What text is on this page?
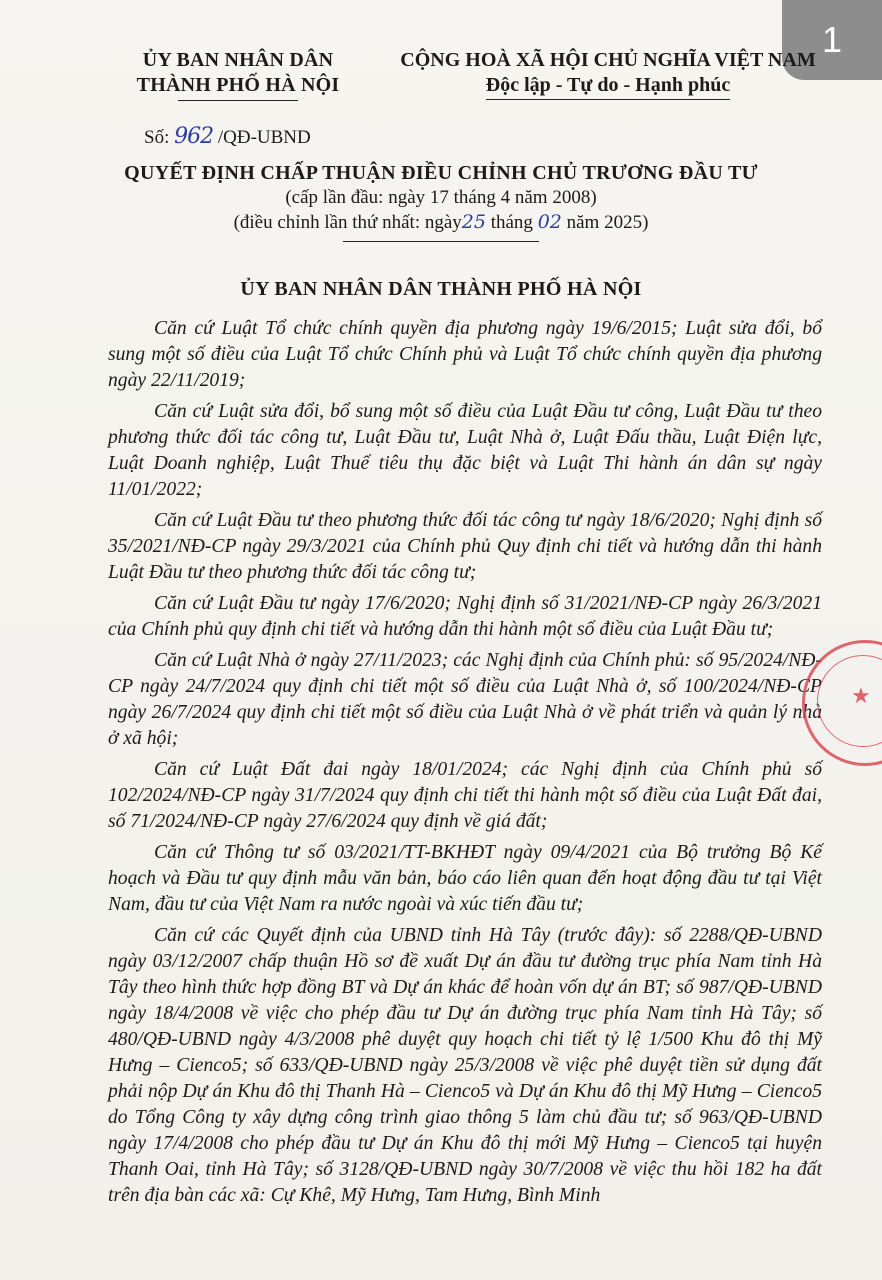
1
ỦY BAN NHÂN DÂN
THÀNH PHỐ HÀ NỘI
CỘNG HOÀ XÃ HỘI CHỦ NGHĨA VIỆT NAM
Độc lập - Tự do - Hạnh phúc
Số: 962 /QĐ-UBND
QUYẾT ĐỊNH CHẤP THUẬN ĐIỀU CHỈNH CHỦ TRƯƠNG ĐẦU TƯ
(cấp lần đầu: ngày 17 tháng 4 năm 2008)
(điều chỉnh lần thứ nhất: ngày25 tháng 02 năm 2025)
ỦY BAN NHÂN DÂN THÀNH PHỐ HÀ NỘI

Căn cứ Luật Tổ chức chính quyền địa phương ngày 19/6/2015; Luật sửa đổi, bổ sung một số điều của Luật Tổ chức Chính phủ và Luật Tổ chức chính quyền địa phương ngày 22/11/2019;

Căn cứ Luật sửa đổi, bổ sung một số điều của Luật Đầu tư công, Luật Đầu tư theo phương thức đối tác công tư, Luật Đầu tư, Luật Nhà ở, Luật Đấu thầu, Luật Điện lực, Luật Doanh nghiệp, Luật Thuế tiêu thụ đặc biệt và Luật Thi hành án dân sự ngày 11/01/2022;

Căn cứ Luật Đầu tư theo phương thức đối tác công tư ngày 18/6/2020; Nghị định số 35/2021/NĐ-CP ngày 29/3/2021 của Chính phủ Quy định chi tiết và hướng dẫn thi hành Luật Đầu tư theo phương thức đối tác công tư;

Căn cứ Luật Đầu tư ngày 17/6/2020; Nghị định số 31/2021/NĐ-CP ngày 26/3/2021 của Chính phủ quy định chi tiết và hướng dẫn thi hành một số điều của Luật Đầu tư;

Căn cứ Luật Nhà ở ngày 27/11/2023; các Nghị định của Chính phủ: số 95/2024/NĐ-CP ngày 24/7/2024 quy định chi tiết một số điều của Luật Nhà ở, số 100/2024/NĐ-CP ngày 26/7/2024 quy định chi tiết một số điều của Luật Nhà ở về phát triển và quản lý nhà ở xã hội;

Căn cứ Luật Đất đai ngày 18/01/2024; các Nghị định của Chính phủ số 102/2024/NĐ-CP ngày 31/7/2024 quy định chi tiết thi hành một số điều của Luật Đất đai, số 71/2024/NĐ-CP ngày 27/6/2024 quy định về giá đất;

Căn cứ Thông tư số 03/2021/TT-BKHĐT ngày 09/4/2021 của Bộ trưởng Bộ Kế hoạch và Đầu tư quy định mẫu văn bản, báo cáo liên quan đến hoạt động đầu tư tại Việt Nam, đầu tư của Việt Nam ra nước ngoài và xúc tiến đầu tư;

Căn cứ các Quyết định của UBND tỉnh Hà Tây (trước đây): số 2288/QĐ-UBND ngày 03/12/2007 chấp thuận Hồ sơ đề xuất Dự án đầu tư đường trục phía Nam tỉnh Hà Tây theo hình thức hợp đồng BT và Dự án khác để hoàn vốn dự án BT; số 987/QĐ-UBND ngày 18/4/2008 về việc cho phép đầu tư Dự án đường trục phía Nam tỉnh Hà Tây; số 480/QĐ-UBND ngày 4/3/2008 phê duyệt quy hoạch chi tiết tỷ lệ 1/500 Khu đô thị Mỹ Hưng – Cienco5; số 633/QĐ-UBND ngày 25/3/2008 về việc phê duyệt tiền sử dụng đất phải nộp Dự án Khu đô thị Thanh Hà – Cienco5 và Dự án Khu đô thị Mỹ Hưng – Cienco5 do Tổng Công ty xây dựng công trình giao thông 5 làm chủ đầu tư; số 963/QĐ-UBND ngày 17/4/2008 cho phép đầu tư Dự án Khu đô thị mới Mỹ Hưng – Cienco5 tại huyện Thanh Oai, tỉnh Hà Tây; số 3128/QĐ-UBND ngày 30/7/2008 về việc thu hồi 182 ha đất trên địa bàn các xã: Cự Khê, Mỹ Hưng, Tam Hưng, Bình Minh

★
